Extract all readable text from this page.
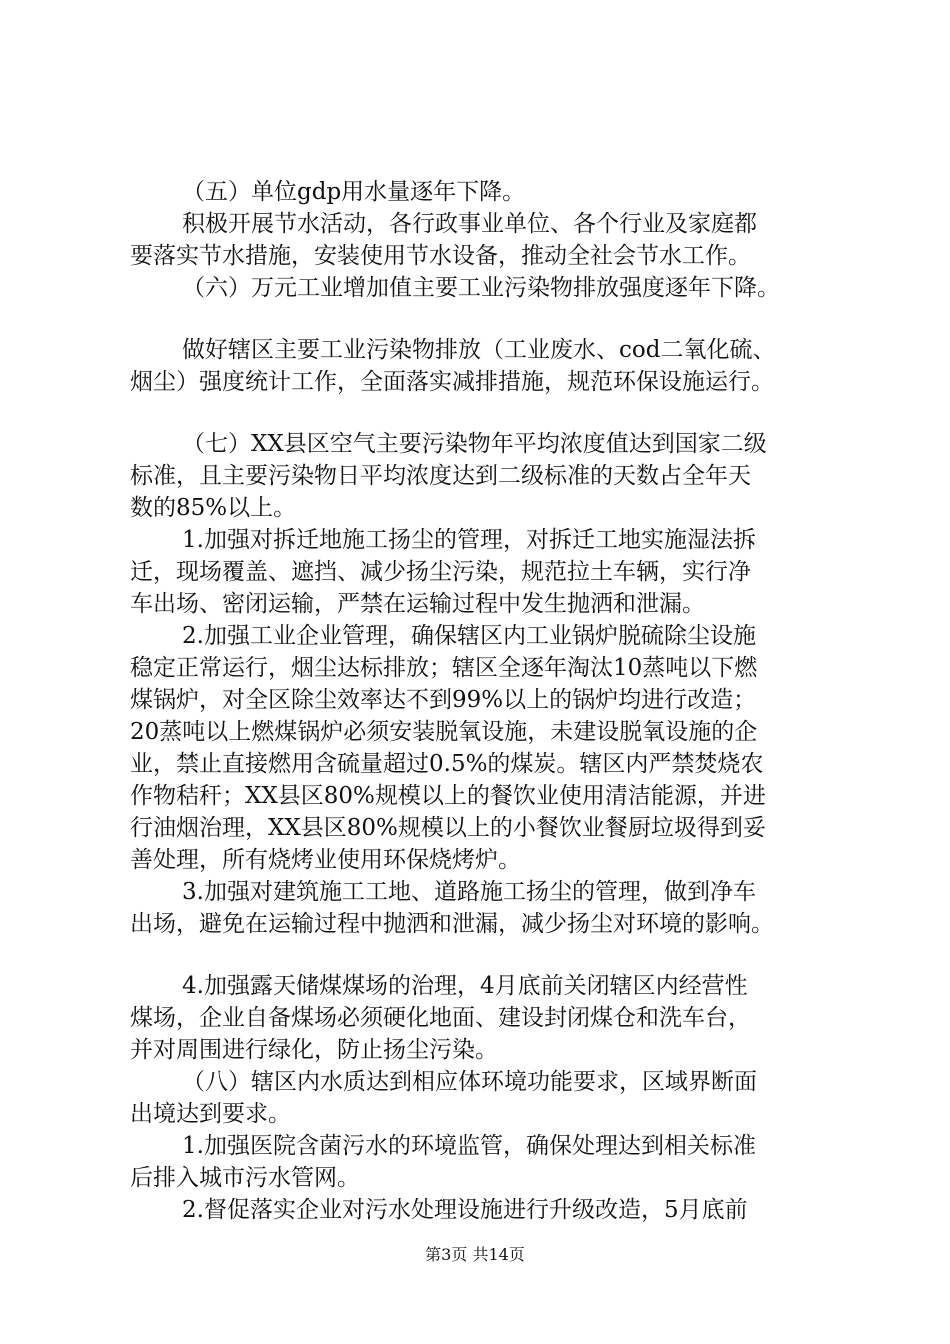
（五）单位gdp用水量逐年下降。
积极开展节水活动，各行政事业单位、各个行业及家庭都
要落实节水措施，安装使用节水设备，推动全社会节水工作。
（六）万元工业增加值主要工业污染物排放强度逐年下降。
做好辖区主要工业污染物排放（工业废水、cod二氧化硫、
烟尘）强度统计工作，全面落实减排措施，规范环保设施运行。
（七）XX县区空气主要污染物年平均浓度值达到国家二级
标准，且主要污染物日平均浓度达到二级标准的天数占全年天
数的85%以上。
1.加强对拆迁地施工扬尘的管理，对拆迁工地实施湿法拆
迁，现场覆盖、遮挡、减少扬尘污染，规范拉土车辆，实行净
车出场、密闭运输，严禁在运输过程中发生抛洒和泄漏。
2.加强工业企业管理，确保辖区内工业锅炉脱硫除尘设施
稳定正常运行，烟尘达标排放；辖区全逐年淘汰10蒸吨以下燃
煤锅炉，对全区除尘效率达不到99%以上的锅炉均进行改造；
20蒸吨以上燃煤锅炉必须安装脱氧设施，未建设脱氧设施的企
业，禁止直接燃用含硫量超过0.5%的煤炭。辖区内严禁焚烧农
作物秸秆；XX县区80%规模以上的餐饮业使用清洁能源，并进
行油烟治理，XX县区80%规模以上的小餐饮业餐厨垃圾得到妥
善处理，所有烧烤业使用环保烧烤炉。
3.加强对建筑施工工地、道路施工扬尘的管理，做到净车
出场，避免在运输过程中抛洒和泄漏，减少扬尘对环境的影响。
4.加强露天储煤煤场的治理，4月底前关闭辖区内经营性
煤场，企业自备煤场必须硬化地面、建设封闭煤仓和洗车台，
并对周围进行绿化，防止扬尘污染。
（八）辖区内水质达到相应体环境功能要求，区域界断面
出境达到要求。
1.加强医院含菌污水的环境监管，确保处理达到相关标准
后排入城市污水管网。
2.督促落实企业对污水处理设施进行升级改造，5月底前
第3页 共14页
